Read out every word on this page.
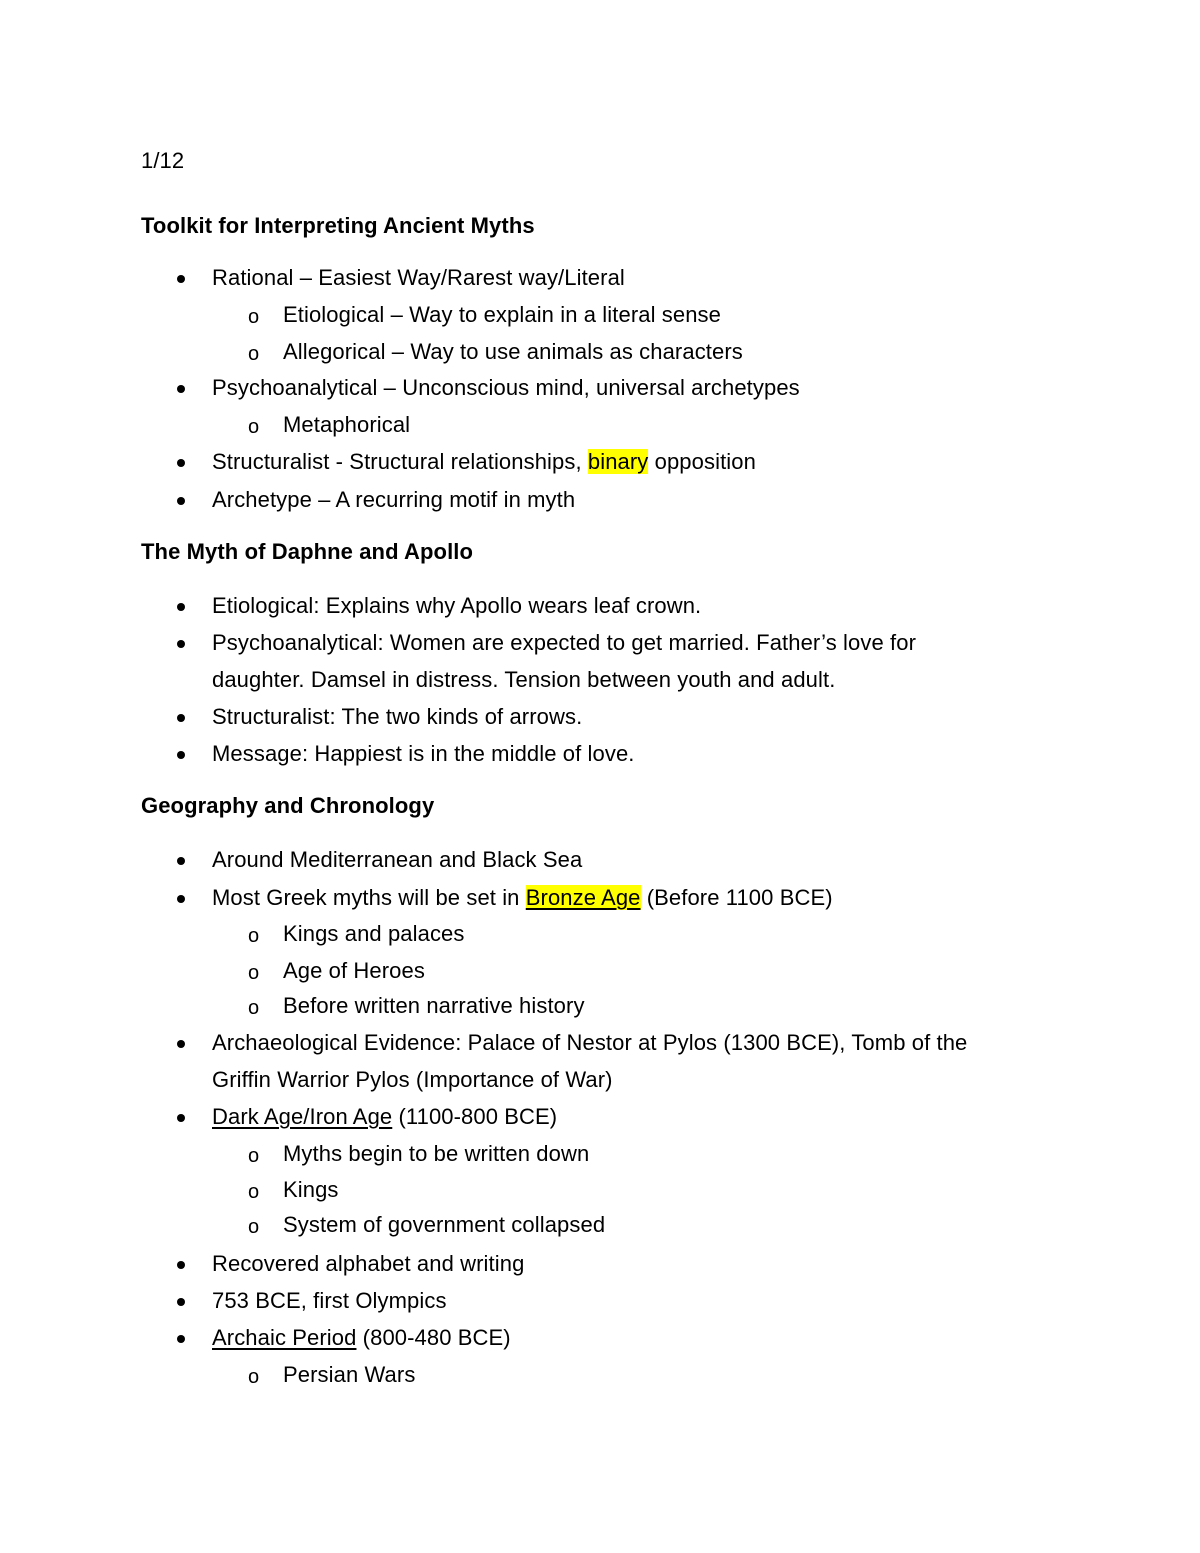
1/12
Toolkit for Interpreting Ancient Myths
Rational – Easiest Way/Rarest way/Literal
o Etiological – Way to explain in a literal sense
o Allegorical – Way to use animals as characters
Psychoanalytical – Unconscious mind, universal archetypes
o Metaphorical
Structuralist - Structural relationships, binary opposition
Archetype – A recurring motif in myth
The Myth of Daphne and Apollo
Etiological: Explains why Apollo wears leaf crown.
Psychoanalytical: Women are expected to get married. Father’s love for
daughter. Damsel in distress. Tension between youth and adult.
Structuralist: The two kinds of arrows.
Message: Happiest is in the middle of love.
Geography and Chronology
Around Mediterranean and Black Sea
Most Greek myths will be set in Bronze Age (Before 1100 BCE)
o Kings and palaces
o Age of Heroes
o Before written narrative history
Archaeological Evidence: Palace of Nestor at Pylos (1300 BCE), Tomb of the
Griffin Warrior Pylos (Importance of War)
Dark Age/Iron Age (1100-800 BCE)
o Myths begin to be written down
o Kings
o System of government collapsed
Recovered alphabet and writing
753 BCE, first Olympics
Archaic Period (800-480 BCE)
o Persian Wars
